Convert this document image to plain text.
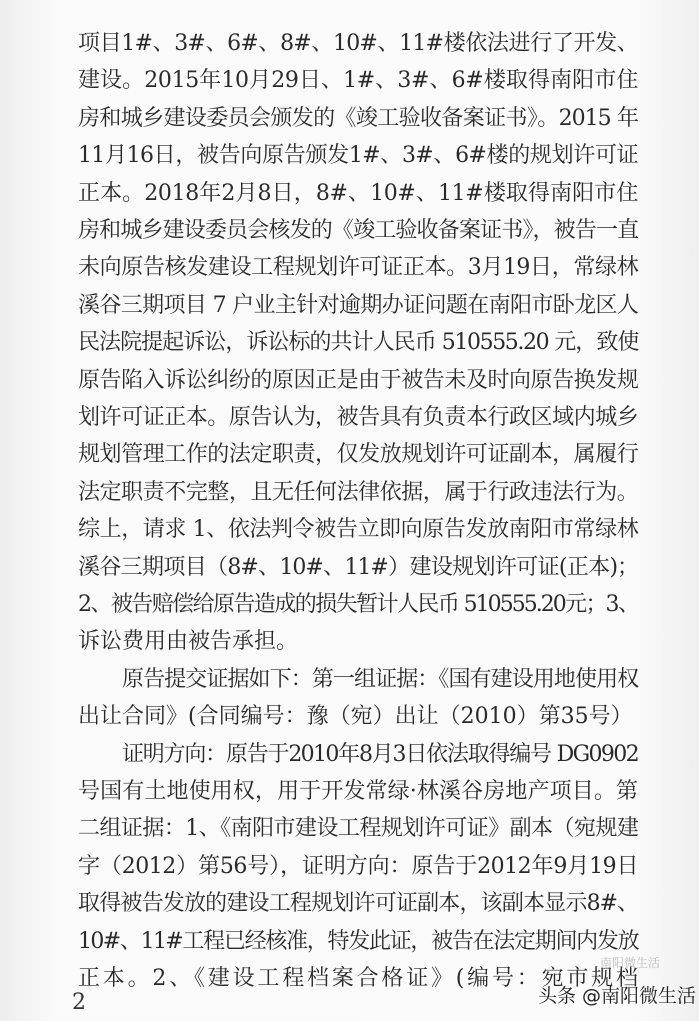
项目1#、3#、6#、8#、10#、11#楼依法进行了开发、
建设。2015年10月29日、1#、3#、6#楼取得南阳市住
房和城乡建设委员会颁发的《竣工验收备案证书》。2015 年
11月16日，被告向原告颁发1#、3#、6#楼的规划许可证
正本。2018年2月8日，8#、10#、11#楼取得南阳市住
房和城乡建设委员会核发的《竣工验收备案证书》，被告一直
未向原告核发建设工程规划许可证正本。3月19日，常绿林
溪谷三期项目 7 户业主针对逾期办证问题在南阳市卧龙区人
民法院提起诉讼，诉讼标的共计人民币 510555.20 元，致使
原告陷入诉讼纠纷的原因正是由于被告未及时向原告换发规
划许可证正本。原告认为，被告具有负责本行政区域内城乡
规划管理工作的法定职责，仅发放规划许可证副本，属履行
法定职责不完整，且无任何法律依据，属于行政违法行为。
综上，请求 1、依法判令被告立即向原告发放南阳市常绿林
溪谷三期项目（8#、10#、11#）建设规划许可证(正本)；
2、被告赔偿给原告造成的损失暂计人民币 510555.20元；3、
诉讼费用由被告承担。
原告提交证据如下：第一组证据：《国有建设用地使用权
出让合同》(合同编号：豫（宛）出让（2010）第35号）
证明方向：原告于2010年8月3日依法取得编号 DG0902
号国有土地使用权，用于开发常绿·林溪谷房地产项目。第
二组证据：1、《南阳市建设工程规划许可证》副本（宛规建
字（2012）第56号），证明方向：原告于2012年9月19日
取得被告发放的建设工程规划许可证副本，该副本显示8#、
10#、11#工程已经核准，特发此证，被告在法定期间内发放
正本。2、《建设工程档案合格证》(编号：宛市规档
2
南阳微生活
头条 @南阳微生活
